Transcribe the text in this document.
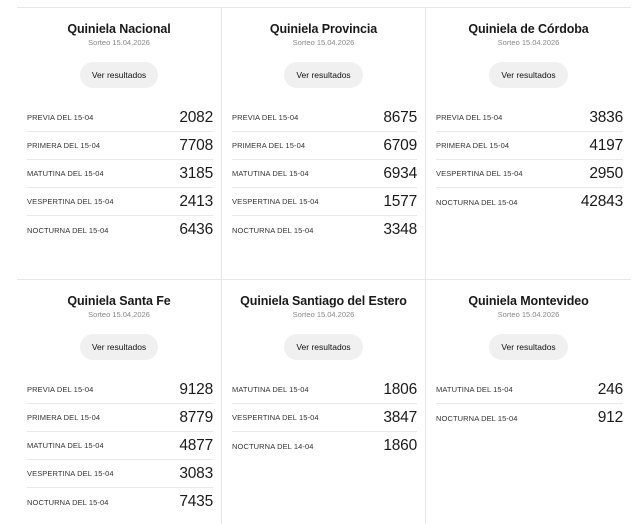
Quiniela Nacional
Sorteo 15.04.2026
Ver resultados
PREVIA DEL 15-04	2082
PRIMERA DEL 15-04	7708
MATUTINA DEL 15-04	3185
VESPERTINA DEL 15-04	2413
NOCTURNA DEL 15-04	6436
Quiniela Provincia
Sorteo 15.04.2026
Ver resultados
PREVIA DEL 15-04	8675
PRIMERA DEL 15-04	6709
MATUTINA DEL 15-04	6934
VESPERTINA DEL 15-04	1577
NOCTURNA DEL 15-04	3348
Quiniela de Córdoba
Sorteo 15.04.2026
Ver resultados
PREVIA DEL 15-04	3836
PRIMERA DEL 15-04	4197
VESPERTINA DEL 15-04	2950
NOCTURNA DEL 15-04	42843
Quiniela Santa Fe
Sorteo 15.04.2026
Ver resultados
PREVIA DEL 15-04	9128
PRIMERA DEL 15-04	8779
MATUTINA DEL 15-04	4877
VESPERTINA DEL 15-04	3083
NOCTURNA DEL 15-04	7435
Quiniela Santiago del Estero
Sorteo 15.04.2026
Ver resultados
MATUTINA DEL 15-04	1806
VESPERTINA DEL 15-04	3847
NOCTURNA DEL 14-04	1860
Quiniela Montevideo
Sorteo 15.04.2026
Ver resultados
MATUTINA DEL 15-04	246
NOCTURNA DEL 15-04	912
